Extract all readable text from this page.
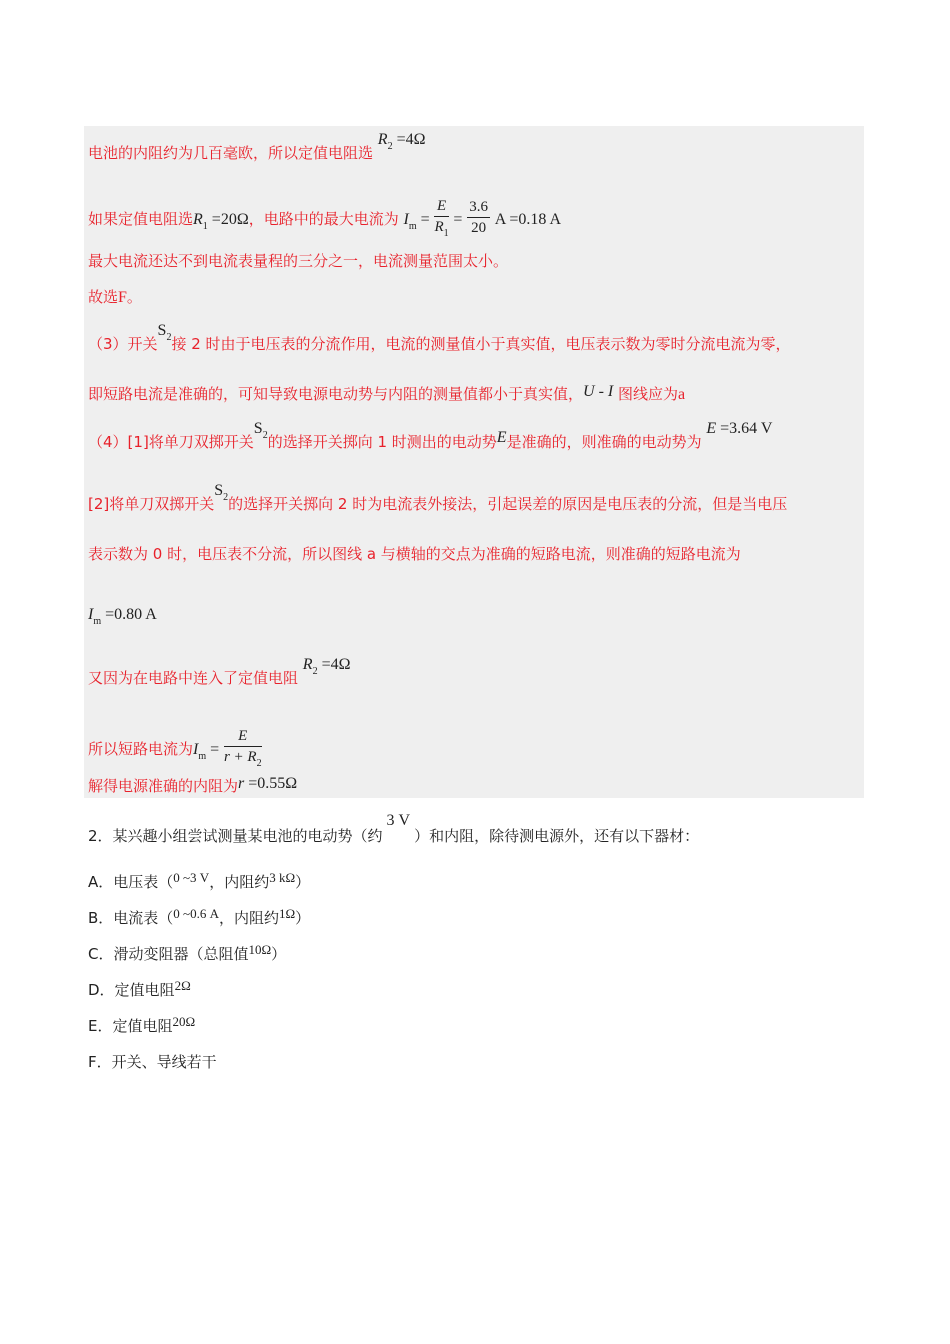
电池的内阻约为几百毫欧，所以定值电阻选 $R_2 =4\Omega$
如果定值电阻选$R_1 =20\Omega$，电路中的最大电流为 $I_m = \frac{E}{R_1} = \frac{3.6}{20}$ A =0.18 A
最大电流还达不到电流表量程的三分之一，电流测量范围太小。
故选F。
（3）开关$S_2$接 2 时由于电压表的分流作用，电流的测量值小于真实值，电压表示数为零时分流电流为零，
即短路电流是准确的，可知导致电源电动势与内阻的测量值都小于真实值，U - I 图线应为a
（4）[1]将单刀双掷开关$S_2$的选择开关掷向 1 时测出的电动势E是准确的，则准确的电动势为 E =3.64 V
[2]将单刀双掷开关$S_2$的选择开关掷向 2 时为电流表外接法，引起误差的原因是电压表的分流，但是当电压
表示数为 0 时，电压表不分流，所以图线 a 与横轴的交点为准确的短路电流，则准确的短路电流为
$I_m =0.80$ A
又因为在电路中连入了定值电阻 $R_2 =4\Omega$
所以短路电流为$I_m = \frac{E}{r + R_2}$
解得电源准确的内阻为r =0.55Ω
2．某兴趣小组尝试测量某电池的电动势（约3 V）和内阻，除待测电源外，还有以下器材：
A．电压表（0 ~3 V，内阻约3 kΩ）
B．电流表（0 ~0.6 A，内阻约1Ω）
C．滑动变阻器（总阻值10Ω）
D．定值电阻2Ω
E．定值电阻20Ω
F．开关、导线若干
